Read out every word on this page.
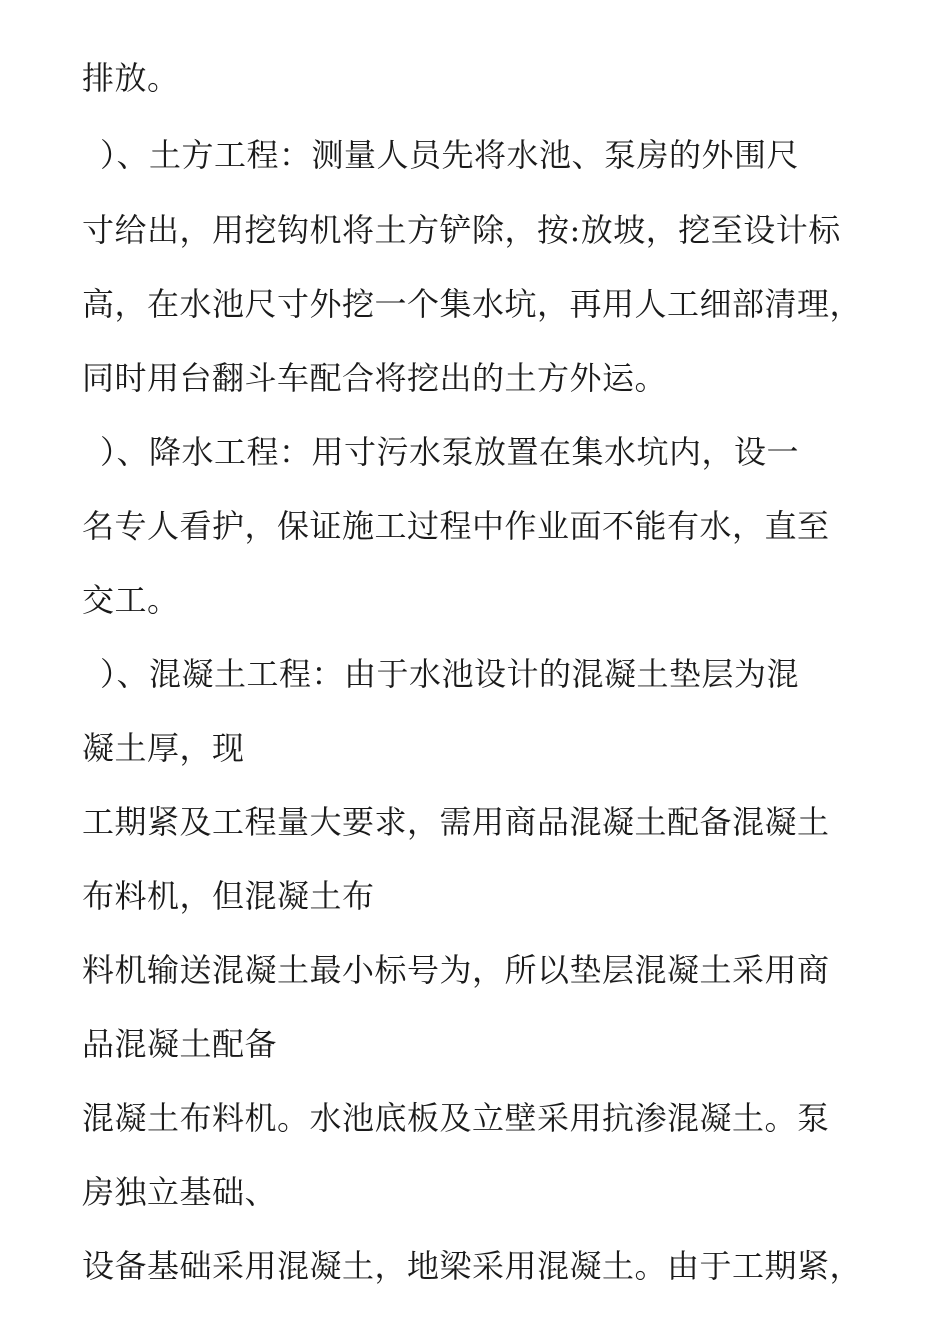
排放。

）、土方工程：测量人员先将水池、泵房的外围尺

寸给出，用挖钩机将土方铲除，按:放坡，挖至设计标

高，在水池尺寸外挖一个集水坑，再用人工细部清理，

同时用台翻斗车配合将挖出的土方外运。

）、降水工程：用寸污水泵放置在集水坑内，设一

名专人看护，保证施工过程中作业面不能有水，直至

交工。

）、混凝土工程：由于水池设计的混凝土垫层为混

凝土厚，现

工期紧及工程量大要求，需用商品混凝土配备混凝土

布料机，但混凝土布

料机输送混凝土最小标号为，所以垫层混凝土采用商

品混凝土配备

混凝土布料机。水池底板及立壁采用抗渗混凝土。泵

房独立基础、

设备基础采用混凝土，地梁采用混凝土。由于工期紧，
